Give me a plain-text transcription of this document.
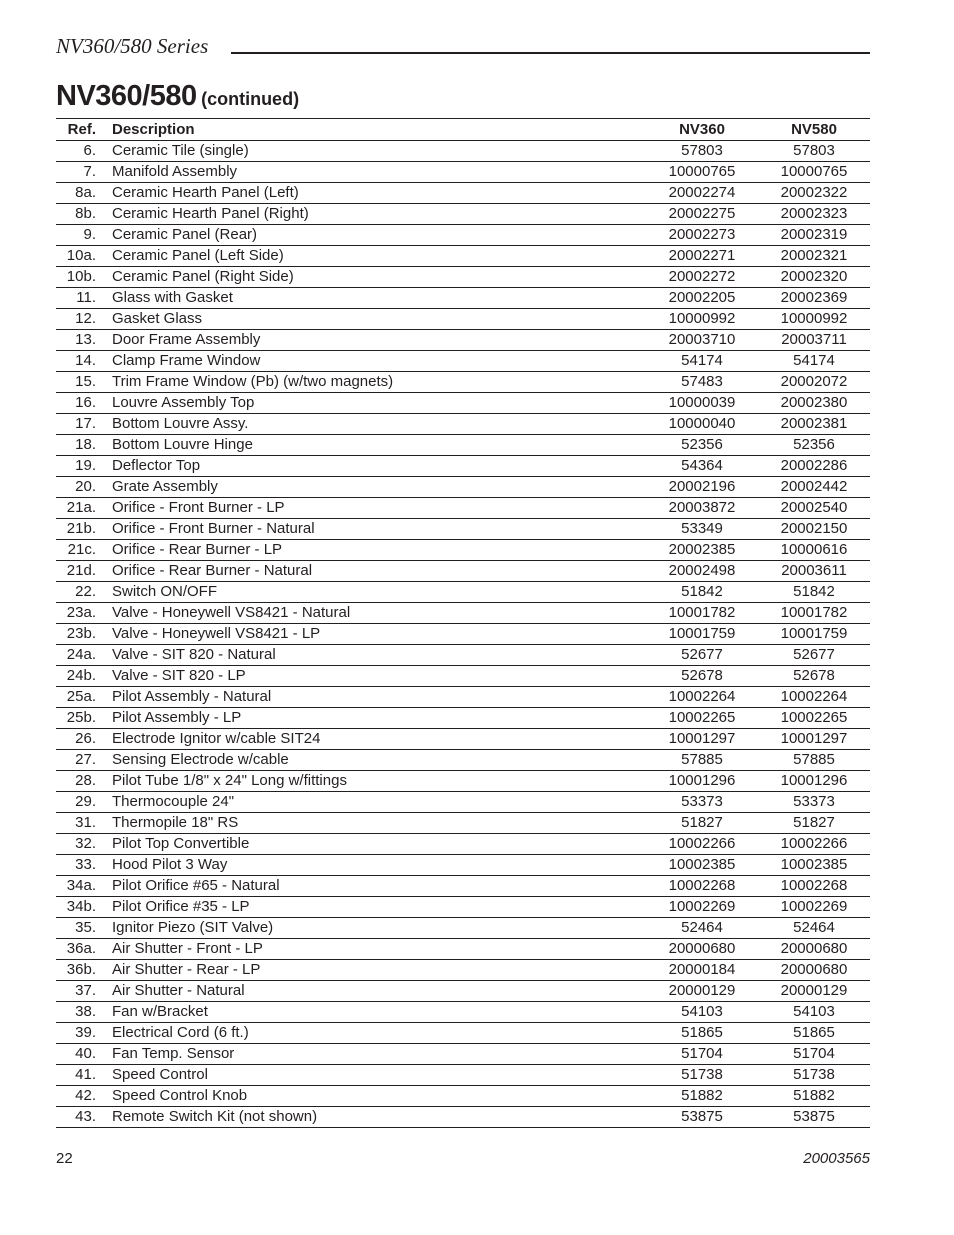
NV360/580 Series
NV360/580 (continued)
Ref.		Description	NV360	NV580
6.		Ceramic Tile (single)	57803	57803
7.		Manifold Assembly	10000765	10000765
8a.		Ceramic Hearth Panel (Left)	20002274	20002322
8b.		Ceramic Hearth Panel (Right)	20002275	20002323
9.		Ceramic Panel (Rear)	20002273	20002319
10a.		Ceramic Panel (Left Side)	20002271	20002321
10b.		Ceramic Panel (Right Side)	20002272	20002320
11.		Glass with Gasket	20002205	20002369
12.		Gasket Glass	10000992	10000992
13.		Door Frame Assembly	20003710	20003711
14.		Clamp Frame Window	54174	54174
15.		Trim Frame Window (Pb) (w/two magnets)	57483	20002072
16.		Louvre Assembly Top	10000039	20002380
17.		Bottom Louvre Assy.	10000040	20002381
18.		Bottom Louvre Hinge	52356	52356
19.		Deflector Top	54364	20002286
20.		Grate Assembly	20002196	20002442
21a.		Orifice - Front Burner - LP	20003872	20002540
21b.		Orifice - Front Burner - Natural	53349	20002150
21c.		Orifice - Rear Burner - LP	20002385	10000616
21d.		Orifice - Rear Burner - Natural	20002498	20003611
22.		Switch ON/OFF	51842	51842
23a.		Valve - Honeywell VS8421 - Natural	10001782	10001782
23b.		Valve - Honeywell VS8421 - LP	10001759	10001759
24a.		Valve - SIT 820 - Natural	52677	52677
24b.		Valve - SIT 820 - LP	52678	52678
25a.		Pilot Assembly - Natural	10002264	10002264
25b.		Pilot Assembly - LP	10002265	10002265
26.		Electrode Ignitor w/cable SIT24	10001297	10001297
27.		Sensing Electrode w/cable	57885	57885
28.		Pilot Tube 1/8" x 24" Long w/fittings	10001296	10001296
29.		Thermocouple 24"	53373	53373
31.		Thermopile 18" RS	51827	51827
32.		Pilot Top Convertible	10002266	10002266
33.		Hood Pilot 3 Way	10002385	10002385
34a.		Pilot Orifice #65 - Natural	10002268	10002268
34b.		Pilot Orifice #35 - LP	10002269	10002269
35.		Ignitor Piezo (SIT Valve)	52464	52464
36a.		Air Shutter - Front - LP	20000680	20000680
36b.		Air Shutter - Rear - LP	20000184	20000680
37.		Air Shutter - Natural	20000129	20000129
38.		Fan w/Bracket	54103	54103
39.		Electrical Cord (6 ft.)	51865	51865
40.		Fan Temp. Sensor	51704	51704
41.		Speed Control	51738	51738
42.		Speed Control Knob	51882	51882
43.		Remote Switch Kit (not shown)	53875	53875
22	20003565
